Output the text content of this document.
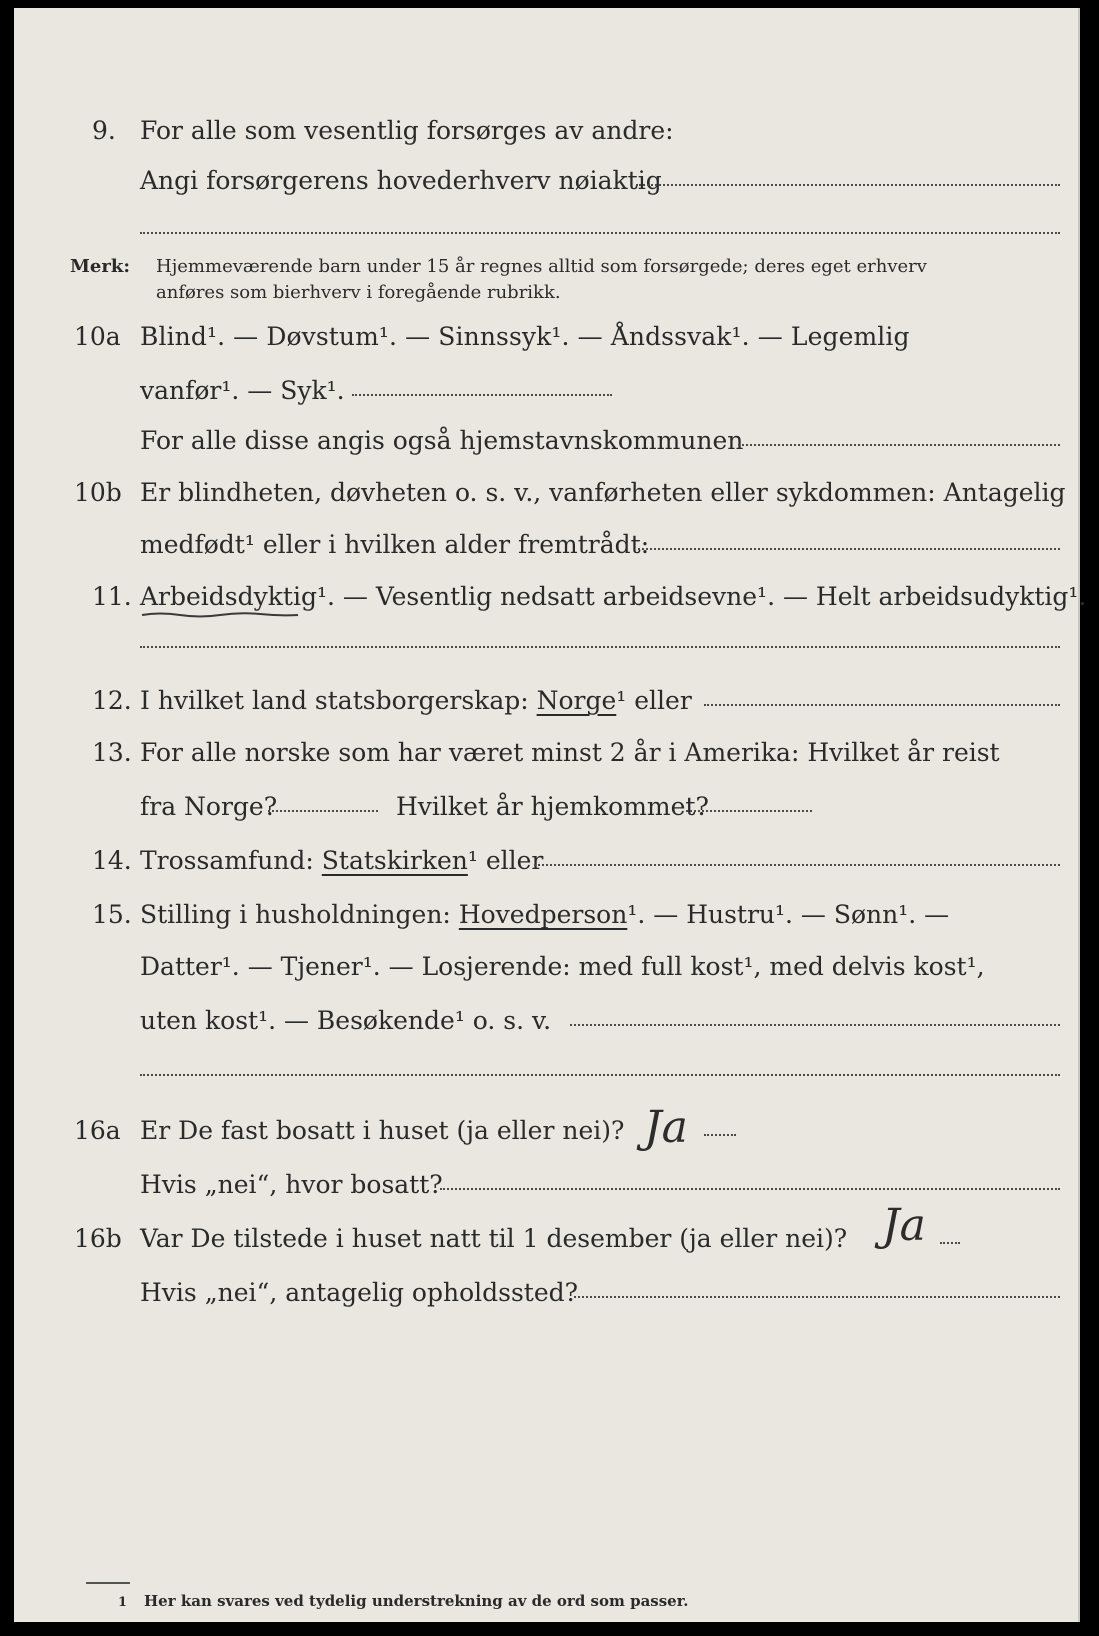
9. For alle som vesentlig forsørges av andre:
Angi forsørgerens hovederhverv nøiaktig
Merk: Hjemmeværende barn under 15 år regnes alltid som forsørgede; deres eget erhverv
anføres som bierhverv i foregående rubrikk.
10a Blind¹. — Døvstum¹. — Sinnssyk¹. — Åndssvak¹. — Legemlig
vanfør¹. — Syk¹.
For alle disse angis også hjemstavnskommunen
10b Er blindheten, døvheten o. s. v., vanførheten eller sykdommen: Antagelig
medfødt¹ eller i hvilken alder fremtrådt:
11. Arbeidsdyktig¹. — Vesentlig nedsatt arbeidsevne¹. — Helt arbeidsudyktig¹.
12. I hvilket land statsborgerskap: Norge¹ eller
13. For alle norske som har været minst 2 år i Amerika: Hvilket år reist
fra Norge?	Hvilket år hjemkommet?
14. Trossamfund: Statskirken¹ eller
15. Stilling i husholdningen: Hovedperson¹. — Hustru¹. — Sønn¹. —
Datter¹. — Tjener¹. — Losjerende: med full kost¹, med delvis kost¹,
uten kost¹. — Besøkende¹ o. s. v.
16a Er De fast bosatt i huset (ja eller nei)? Ja
Hvis „nei“, hvor bosatt?
16b Var De tilstede i huset natt til 1 desember (ja eller nei)? Ja
Hvis „nei“, antagelig opholdssted?
1 Her kan svares ved tydelig understrekning av de ord som passer.
